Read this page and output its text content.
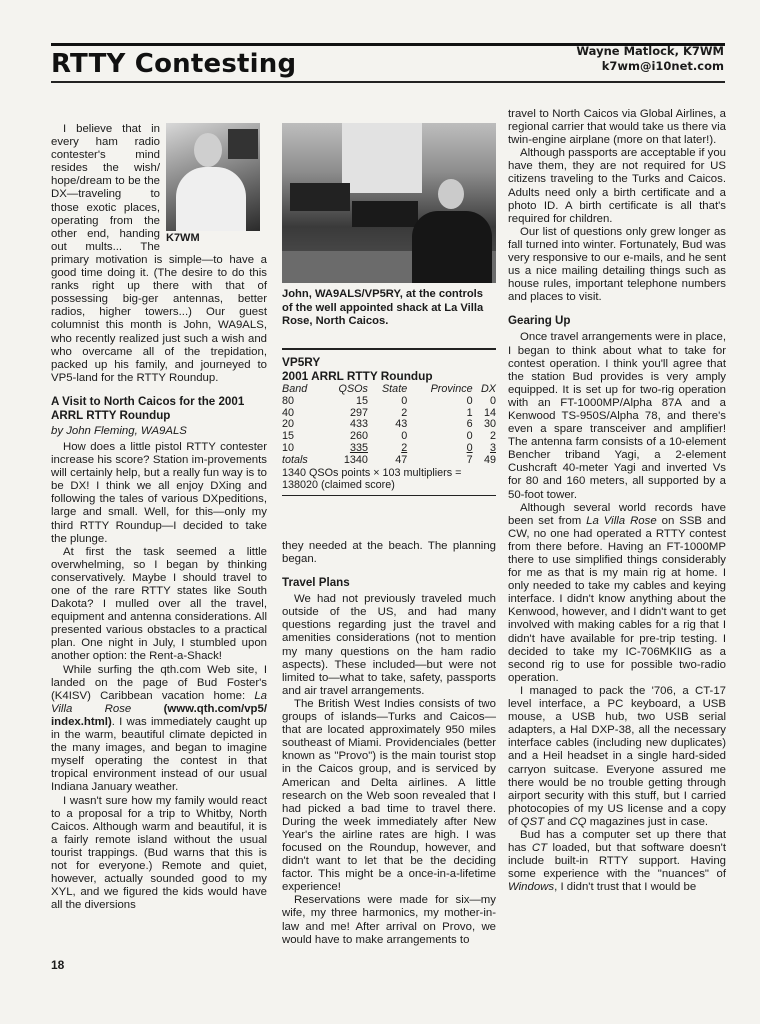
RTTY Contesting	Wayne Matlock, K7WM
k7wm@i10net.com
K7WM

I believe that in every ham radio contester's mind resides the wish/ hope/dream to be the DX—traveling to those exotic places, operating from the other end, handing out mults... The primary motivation is simple—to have a good time doing it. (The desire to do this ranks right up there with that of possessing big-ger antennas, better radios, higher towers...) Our guest columnist this month is John, WA9ALS, who recently realized just such a wish and who overcame all of the trepidation, packed up his family, and journeyed to VP5-land for the RTTY Roundup.

A Visit to North Caicos for the 2001 ARRL RTTY Roundup
by John Fleming, WA9ALS

How does a little pistol RTTY contester increase his score? Station im-provements will certainly help, but a really fun way is to be DX! I think we all enjoy DXing and following the tales of various DXpeditions, large and small. Well, for this—only my third RTTY Roundup—I decided to take the plunge.

At first the task seemed a little overwhelming, so I began by thinking conservatively. Maybe I should travel to one of the rare RTTY states like South Dakota? I mulled over all the travel, equipment and antenna considerations. All presented various obstacles to a practical plan. One night in July, I stumbled upon another option: the Rent-a-Shack!

While surfing the qth.com Web site, I landed on the page of Bud Foster's (K4ISV) Caribbean vacation home: La Villa Rose (www.qth.com/vp5/ index.html). I was immediately caught up in the warm, beautiful climate depicted in the many images, and began to imagine myself operating the contest in that tropical environment instead of our usual Indiana January weather.

I wasn't sure how my family would react to a proposal for a trip to Whitby, North Caicos. Although warm and beautiful, it is a fairly remote island without the usual tourist trappings. (Bud warns that this is not for everyone.) Remote and quiet, however, actually sounded good to my XYL, and we figured the kids would have all the diversions

John, WA9ALS/VP5RY, at the controls of the well appointed shack at La Villa Rose, North Caicos.
VP5RY
2001 ARRL RTTY Roundup
Band	QSOs	State	Province	DX
80	15	0	0	0
40	297	2	1	14
20	433	43	6	30
15	260	0	0	2
10	335	2	0	3
totals	1340	47	7	49
1340 QSOs points × 103 multipliers = 138020 (claimed score)

they needed at the beach. The planning began.

Travel Plans

We had not previously traveled much outside of the US, and had many questions regarding just the travel and amenities considerations (not to mention my many questions on the ham radio aspects). These included—but were not limited to—what to take, safety, passports and air travel arrangements.

The British West Indies consists of two groups of islands—Turks and Caicos—that are located approximately 950 miles southeast of Miami. Providenciales (better known as "Provo") is the main tourist stop in the Caicos group, and is serviced by American and Delta airlines. A little research on the Web soon revealed that I had picked a bad time to travel there. During the week immediately after New Year's the airline rates are high. I was focused on the Roundup, however, and didn't want to let that be the deciding factor. This might be a once-in-a-lifetime experience!

Reservations were made for six—my wife, my three harmonics, my mother-in-law and me! After arrival on Provo, we would have to make arrangements to

travel to North Caicos via Global Airlines, a regional carrier that would take us there via twin-engine airplane (more on that later!).

Although passports are acceptable if you have them, they are not required for US citizens traveling to the Turks and Caicos. Adults need only a birth certificate and a photo ID. A birth certificate is all that's required for children.

Our list of questions only grew longer as fall turned into winter. Fortunately, Bud was very responsive to our e-mails, and he sent us a nice mailing detailing things such as house rules, important telephone numbers and places to visit.

Gearing Up

Once travel arrangements were in place, I began to think about what to take for contest operation. I think you'll agree that the station Bud provides is very amply equipped. It is set up for two-rig operation with an FT-1000MP/Alpha 87A and a Kenwood TS-950S/Alpha 78, and there's even a spare transceiver and amplifier! The antenna farm consists of a 10-element Bencher triband Yagi, a 2-element Cushcraft 40-meter Yagi and inverted Vs for 80 and 160 meters, all supported by a 50-foot tower.

Although several world records have been set from La Villa Rose on SSB and CW, no one had operated a RTTY contest from there before. Having an FT-1000MP there to use simplified things considerably for me as that is my main rig at home. I only needed to take my cables and keying interface. I didn't know anything about the Kenwood, however, and I didn't want to get involved with making cables for a rig that I didn't have available for pre-trip testing. I decided to take my IC-706MKIIG as a second rig to use for possible two-radio operation.

I managed to pack the '706, a CT-17 level interface, a PC keyboard, a USB mouse, a USB hub, two USB serial adapters, a Hal DXP-38, all the necessary interface cables (including new duplicates) and a Heil headset in a single hard-sided carryon suitcase. Everyone assured me there would be no trouble getting through airport security with this stuff, but I carried photocopies of my US license and a copy of QST and CQ magazines just in case.

Bud has a computer set up there that has CT loaded, but that software doesn't include built-in RTTY support. Having some experience with the "nuances" of Windows, I didn't trust that I would be

18
